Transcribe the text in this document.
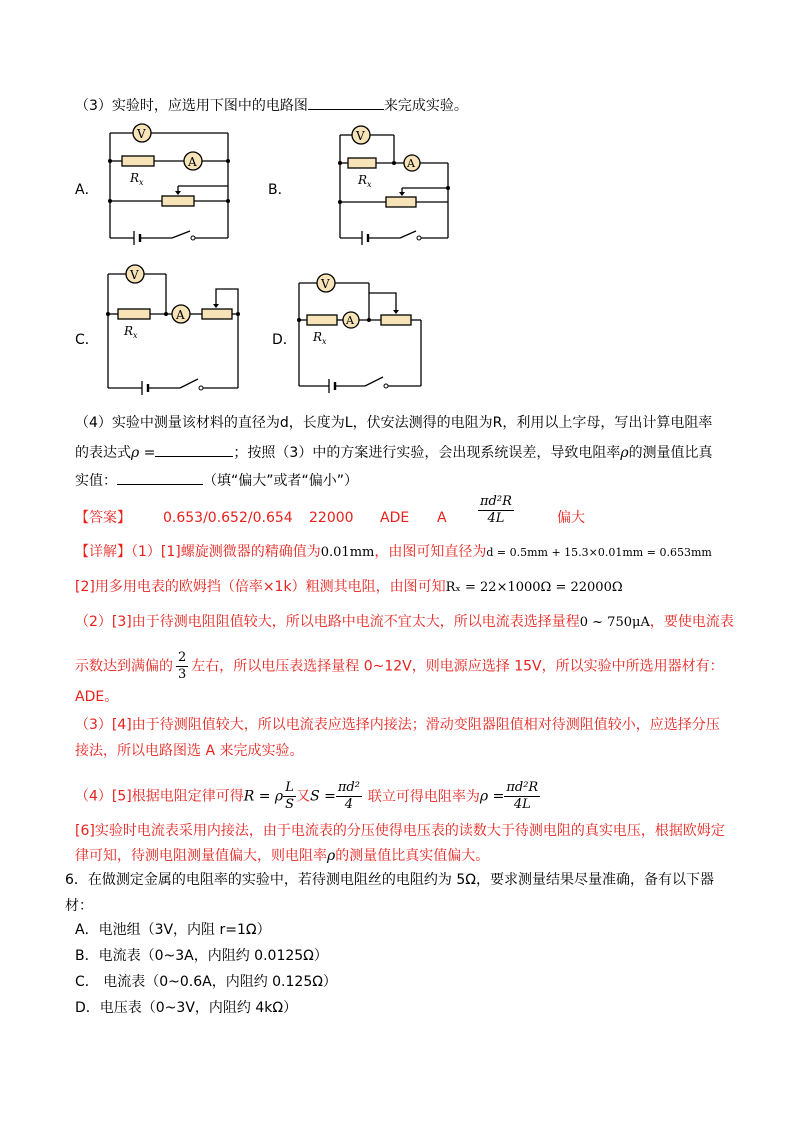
（3）实验时，应选用下图中的电路图	来完成实验。
A．	B．
C．	D．
V
A
R x
V
A
R x
V
A
R x
V
A
R x
（4）实验中测量该材料的直径为d，长度为L，伏安法测得的电阻为R，利用以上字母，写出计算电阻率
的表达式ρ =	；按照（3）中的方案进行实验，会出现系统误差，导致电阻率ρ的测量值比真
实值：	（填“偏大”或者“偏小”）
【答案】 0.653/0.652/0.654 22000 ADE A $\frac{\text{πd²R}}{4L}$	偏大
【详解】（1）[1]螺旋测微器的精确值为0.01mm，由图可知直径为d = 0.5mm + 15.3×0.01mm = 0.653mm
[2]用多用电表的欧姆挡（倍率×1k）粗测其电阻，由图可知Rₓ = 22×1000Ω = 22000Ω
（2）[3]由于待测电阻阻值较大，所以电路中电流不宜太大，所以电流表选择量程0 ~ 750μA，要使电流表
示数达到满偏的 $\frac{2}{3}$ 左右，所以电压表选择量程 0~12V，则电源应选择 15V，所以实验中所选用器材有：
ADE。
（3）[4]由于待测阻值较大，所以电流表应选择内接法；滑动变阻器阻值相对待测阻值较小，应选择分压
接法，所以电路图选 A 来完成实验。
（4）[5]根据电阻定律可得R = ρ $\frac{L}{S}$ 又$S = \frac{\text{πd²}}{4}$ 联立可得电阻率为$\rho = \frac{\text{πd²R}}{4L}$
[6]实验时电流表采用内接法，由于电流表的分压使得电压表的读数大于待测电阻的真实电压，根据欧姆定
律可知，待测电阻测量值偏大，则电阻率ρ的测量值比真实值偏大。
6．在做测定金属的电阻率的实验中，若待测电阻丝的电阻约为 5Ω，要求测量结果尽量准确，备有以下器
材：
A．电池组（3V，内阻 r=1Ω）
B．电流表（0~3A，内阻约 0.0125Ω）
C． 电流表（0~0.6A，内阻约 0.125Ω）
D．电压表（0~3V，内阻约 4kΩ）
